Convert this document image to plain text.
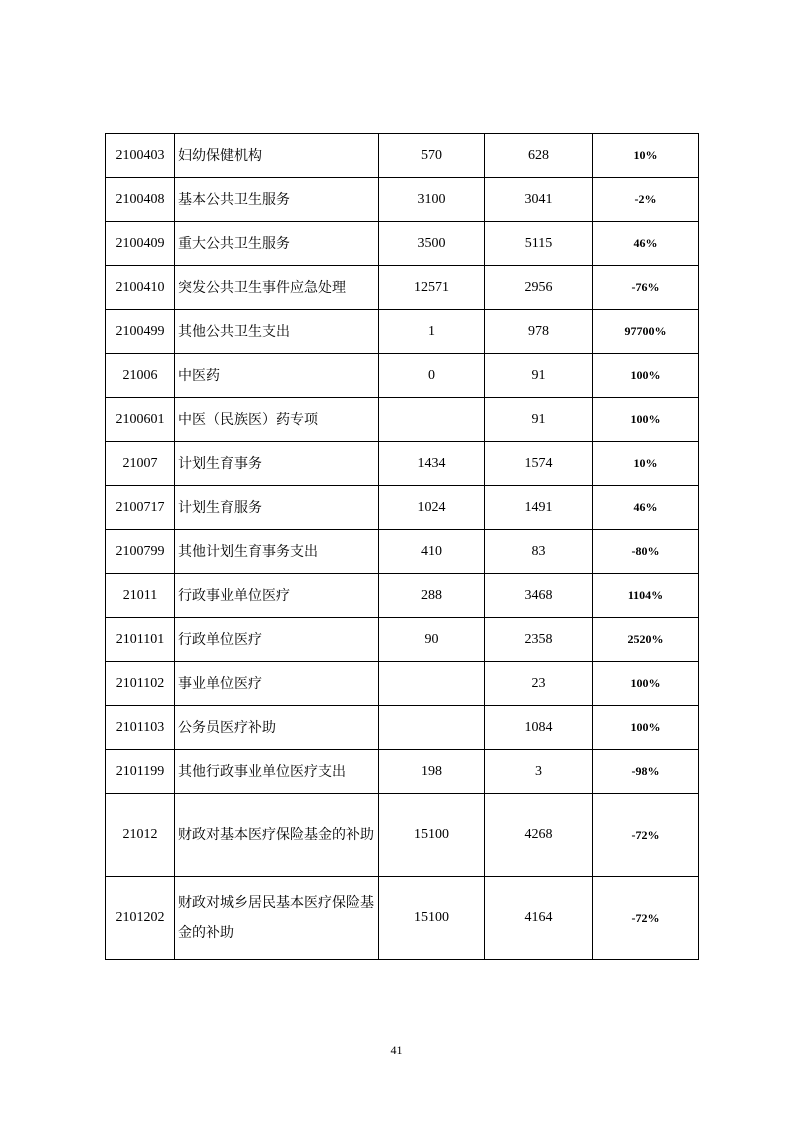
2100403	妇幼保健机构	570	628	10%
2100408	基本公共卫生服务	3100	3041	-2%
2100409	重大公共卫生服务	3500	5115	46%
2100410	突发公共卫生事件应急处理	12571	2956	-76%
2100499	其他公共卫生支出	1	978	97700%
21006	中医药	0	91	100%
2100601	中医（民族医）药专项		91	100%
21007	计划生育事务	1434	1574	10%
2100717	计划生育服务	1024	1491	46%
2100799	其他计划生育事务支出	410	83	-80%
21011	行政事业单位医疗	288	3468	1104%
2101101	行政单位医疗	90	2358	2520%
2101102	事业单位医疗		23	100%
2101103	公务员医疗补助		1084	100%
2101199	其他行政事业单位医疗支出	198	3	-98%
21012	财政对基本医疗保险基金的补助	15100	4268	-72%
2101202	财政对城乡居民基本医疗保险基金的补助	15100	4164	-72%
41
